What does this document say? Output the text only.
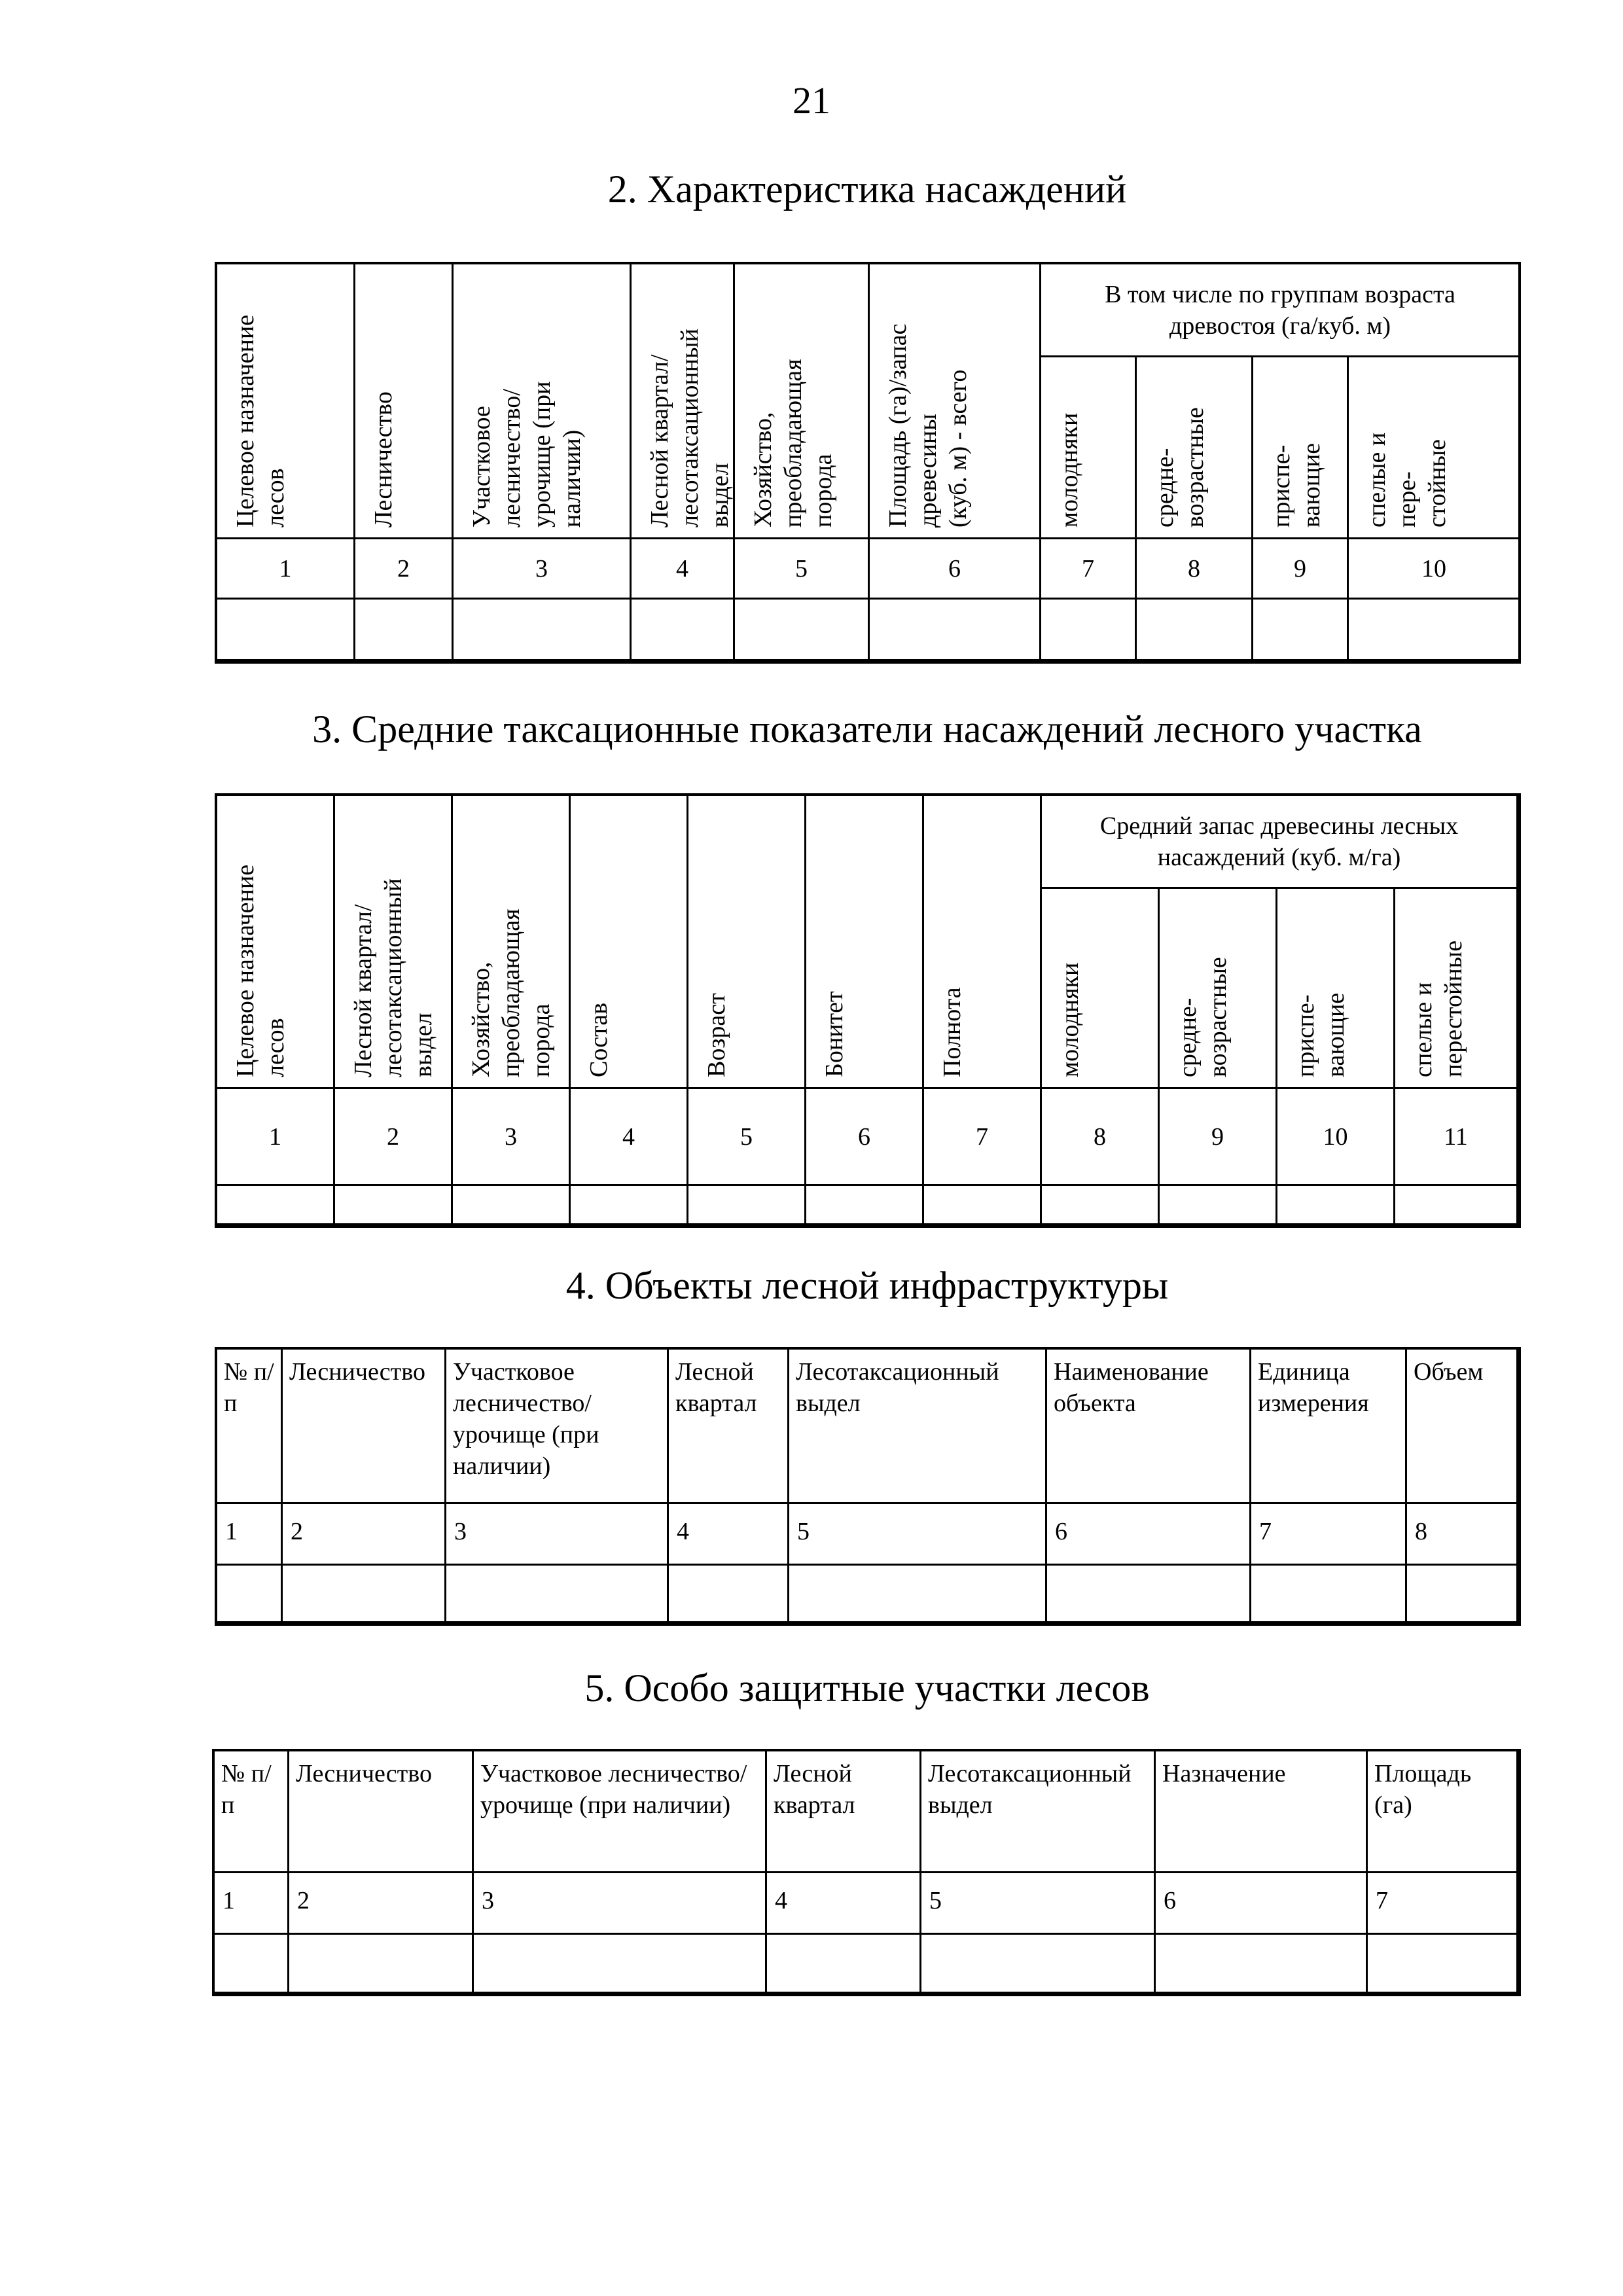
21
2. Характеристика насаждений
В том числе по группам возраста древостоя (га/куб. м)
Целевое назначение лесов
1
Лесничество
2
Участковое лесничество/ урочище (при наличии)
3
Лесной квартал/ лесотаксационный выдел
4
Хозяйство, преобладающая порода
5
Площадь (га)/запас древесины (куб. м) - всего
6
молодняки
7
средне- возрастные
8
приспе- вающие
9
спелые и пере- стойные
10
3. Средние таксационные показатели насаждений лесного участка
Средний запас древесины лесных насаждений (куб. м/га)
Целевое назначение лесов
1
Лесной квартал/ лесотаксационный выдел
2
Хозяйство, преобладающая порода
3
Состав
4
Возраст
5
Бонитет
6
Полнота
7
молодняки
8
средне- возрастные
9
приспе- вающие
10
спелые и перестойные
11
4. Объекты лесной инфраструктуры
№ п/п
1
Лесничество
2
Участковое лесничество/ урочище (при наличии)
3
Лесной квартал
4
Лесотаксационный выдел
5
Наименование объекта
6
Единица измерения
7
Объем
8
5. Особо защитные участки лесов
№ п/п
1
Лесничество
2
Участковое лесничество/урочище (при наличии)
3
Лесной квартал
4
Лесотаксационный выдел
5
Назначение
6
Площадь (га)
7
